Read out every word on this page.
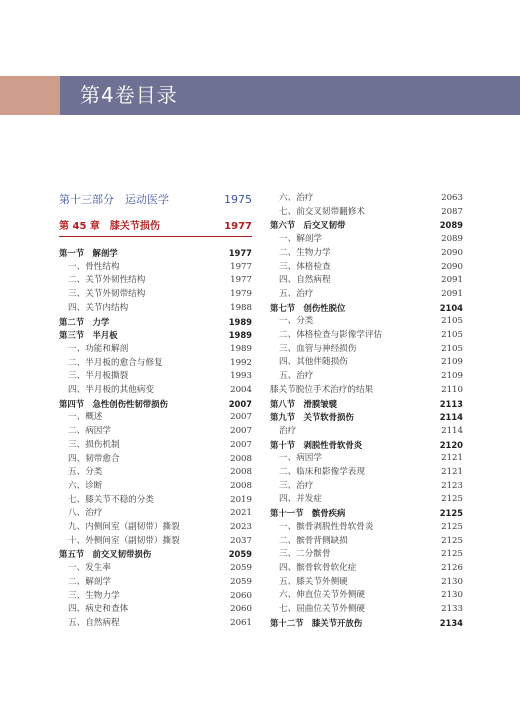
第4卷目录
第十三部分　运动医学	1975
第 45 章　膝关节损伤	1977
第一节　解剖学	1977
一、骨性结构	1977
二、关节外韧性结构	1977
三、关节外韧带结构	1979
四、关节内结构	1988
第二节　力学	1989
第三节　半月板	1989
一、功能和解剖	1989
二、半月板的愈合与修复	1992
三、半月板撕裂	1993
四、半月板的其他病变	2004
第四节　急性创伤性韧带损伤	2007
一、概述	2007
二、病因学	2007
三、损伤机制	2007
四、韧带愈合	2008
五、分类	2008
六、诊断	2008
七、膝关节不稳的分类	2019
八、治疗	2021
九、内侧间室（副韧带）撕裂	2023
十、外侧间室（副韧带）撕裂	2037
第五节　前交叉韧带损伤	2059
一、发生率	2059
二、解剖学	2059
三、生物力学	2060
四、病史和查体	2060
五、自然病程	2061
六、治疗	2063
七、前交叉韧带翻修术	2087
第六节　后交叉韧带	2089
一、解剖学	2089
二、生物力学	2090
三、体格检查	2090
四、自然病程	2091
五、治疗	2091
第七节　创伤性脱位	2104
一、分类	2105
二、体格检查与影像学评估	2105
三、血管与神经损伤	2105
四、其他伴随损伤	2109
五、治疗	2109
膝关节脱位手术治疗的结果	2110
第八节　滑膜皱襞	2113
第九节　关节软骨损伤	2114
治疗	2114
第十节　剥脱性骨软骨炎	2120
一、病因学	2121
二、临床和影像学表现	2121
三、治疗	2123
四、并发症	2125
第十一节　髌骨疾病	2125
一、髌骨剥脱性骨软骨炎	2125
二、髌骨背侧缺损	2125
三、二分髌骨	2125
四、髌骨软骨软化症	2126
五、膝关节外侧硬	2130
六、伸直位关节外侧硬	2130
七、屈曲位关节外侧硬	2133
第十二节　膝关节开放伤	2134
